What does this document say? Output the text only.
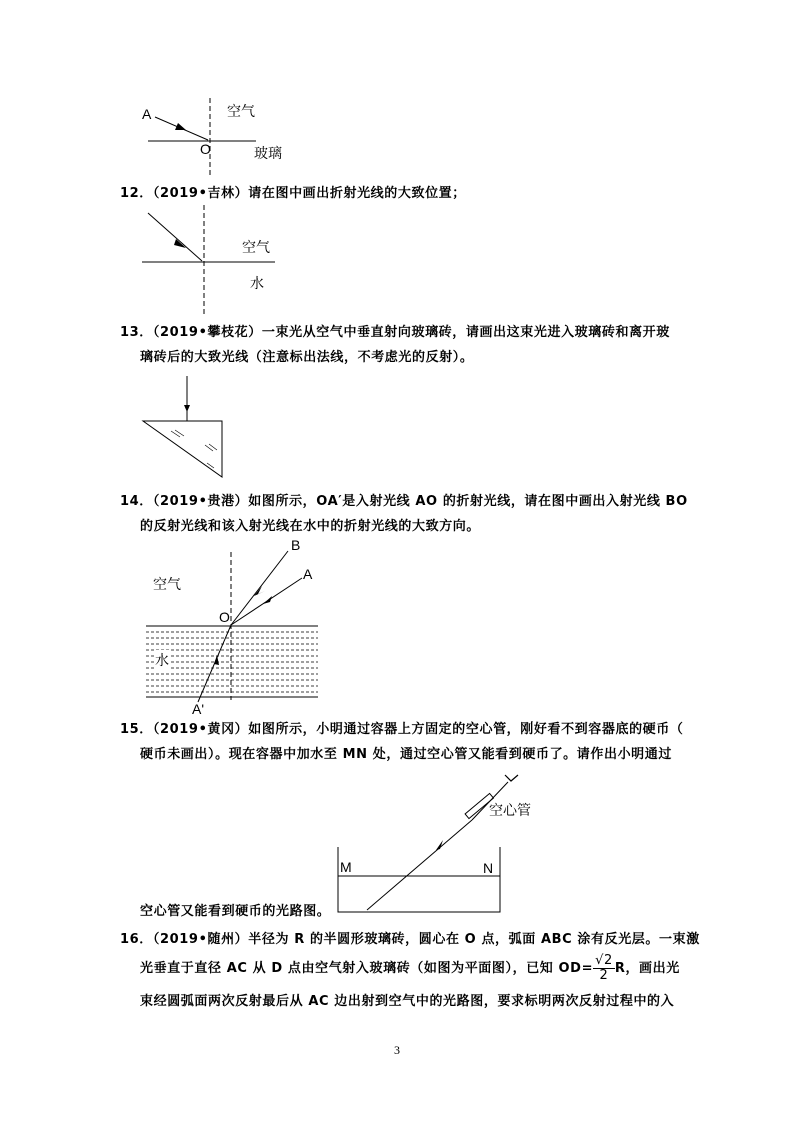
A
O
空气
玻璃
12．（2019•吉林）请在图中画出折射光线的大致位置；
空气
水
13．（2019•攀枝花）一束光从空气中垂直射向玻璃砖，请画出这束光进入玻璃砖和离开玻
璃砖后的大致光线（注意标出法线，不考虑光的反射）。
14．（2019•贵港）如图所示，OA′是入射光线 AO 的折射光线，请在图中画出入射光线 BO
的反射光线和该入射光线在水中的折射光线的大致方向。
B
A
O
空气
水
A'
15．（2019•黄冈）如图所示，小明通过容器上方固定的空心管，刚好看不到容器底的硬币（
硬币未画出）。现在容器中加水至 MN 处，通过空心管又能看到硬币了。请作出小明通过
空心管
M	N
空心管又能看到硬币的光路图。
16．（2019•随州）半径为 R 的半圆形玻璃砖，圆心在 O 点，弧面 ABC 涂有反光层。一束激
光垂直于直径 AC 从 D 点由空气射入玻璃砖（如图为平面图），已知 $OD= \frac{√2}{2}$ R，画出光
束经圆弧面两次反射最后从 AC 边出射到空气中的光路图，要求标明两次反射过程中的入
3
